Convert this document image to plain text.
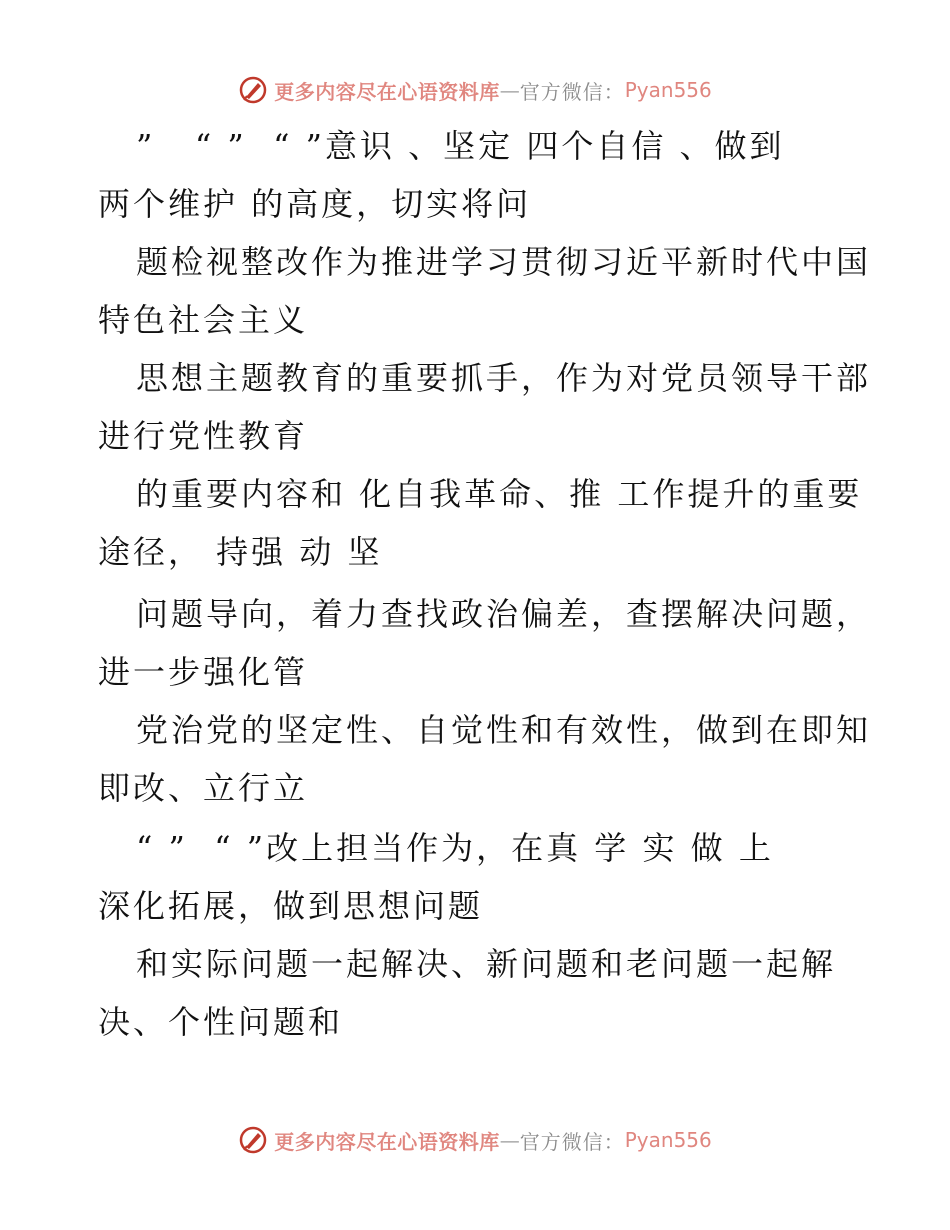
更多内容尽在心语资料库 — 官方微信： Pyan556
”   “ ”  “ ”意识 、坚定 四个自信 、做到
两个维护 的高度，切实将问
题检视整改作为推进学习贯彻习近平新时代中国
特色社会主义
思想主题教育的重要抓手，作为对党员领导干部
进行党性教育
的重要内容和 化自我革命、推 工作提升的重要
途径， 持强 动 坚
问题导向，着力查找政治偏差，查摆解决问题，
进一步强化管
党治党的坚定性、自觉性和有效性，做到在即知
即改、立行立
“ ”  “ ”改上担当作为，在真 学 实 做 上
深化拓展，做到思想问题
和实际问题一起解决、新问题和老问题一起解
决、个性问题和
更多内容尽在心语资料库 — 官方微信： Pyan556
